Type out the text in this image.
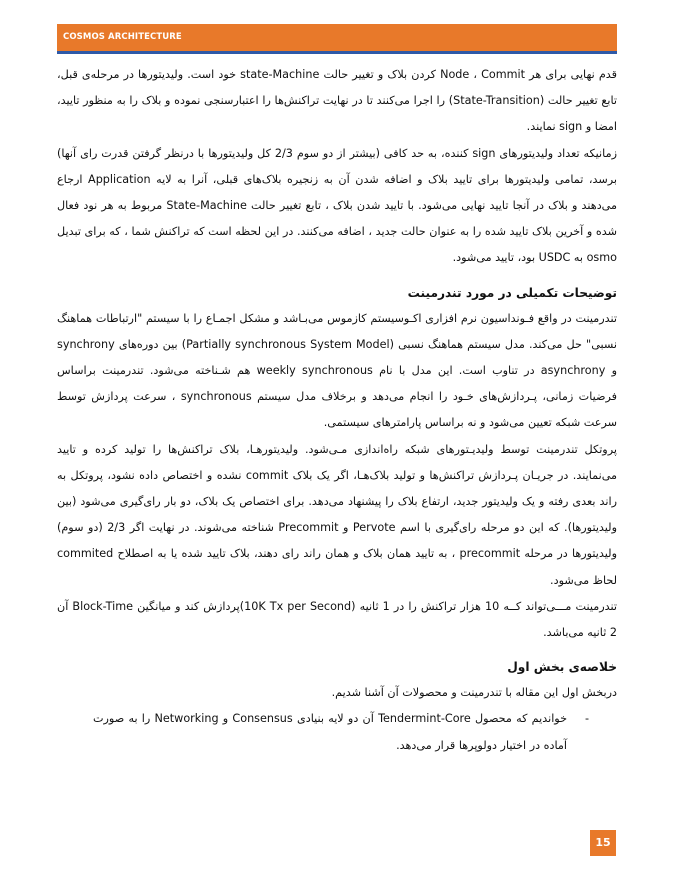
COSMOS ARCHITECTURE

قدم نهایی برای هر Node ، Commit کردن بلاک و تغییر حالت state-Machine خود است. ولیدیتورها در مرحله‌ی قبل، تابع تغییر حالت (State-Transition) را اجرا می‌کنند تا در نهایت تراکنش‌ها را اعتبارسنجی نموده و بلاک را به منظور تایید، امضا و sign نمایند.

زمانیکه تعداد ولیدیتورهای sign کننده، به حد کافی (بیشتر از دو سوم 2/3 کل ولیدیتورها با درنظر گرفتن قدرت رای آنها) برسد، تمامی ولیدیتورها برای تایید بلاک و اضافه شدن آن به زنجیره بلاک‌های قبلی، آنرا به لایه Application ارجاع می‌دهند و بلاک در آنجا تایید نهایی می‌شود. با تایید شدن بلاک ، تابع تغییر حالت State-Machine مربوط به هر نود فعال شده و آخرین بلاک تایید شده را به عنوان حالت جدید ، اضافه می‌کنند. در این لحظه است که تراکنش شما ، که برای تبدیل osmo به USDC بود، تایید می‌شود.

توضیحات تکمیلی در مورد تندرمینت

تندرمینت در واقع فـونداسیون نرم افزاری اکـوسیستم کازموس می‌بـاشد و مشکل اجمـاع را با سیستم "ارتباطات هماهنگ نسبی" حل می‌کند. مدل سیستم هماهنگ نسبی (Partially synchronous System Model) بین دوره‌های synchrony و asynchrony در تناوب است. این مدل با نام weekly synchronous هم شـناخته می‌شود. تندرمینت براساس فرضیات زمانی، پـردازش‌های خـود را انجام می‌دهد و برخلاف مدل سیستم synchronous ، سرعت پردازش توسط سرعت شبکه تعیین می‌شود و نه براساس پارامترهای سیستمی.

پروتکل تندرمینت توسط ولیدیـتورهای شبکه راه‌اندازی مـی‌شود. ولیدیتورهـا، بلاک تراکنش‌ها را تولید کرده و تایید می‌نمایند. در جریـان پـردازش تراکنش‌ها و تولید بلاک‌هـا، اگر یک بلاک commit نشده و اختصاص داده نشود، پروتکل به راند بعدی رفته و یک ولیدیتور جدید، ارتفاع بلاک را پیشنهاد می‌دهد. برای اختصاص یک بلاک، دو بار رای‌گیری می‌شود (بین ولیدیتورها). که این دو مرحله رای‌گیری با اسم Pervote و Precommit شناخته می‌شوند. در نهایت اگر 2/3 (دو سوم) ولیدیتورها در مرحله precommit ، به تایید همان بلاک و همان راند رای دهند، بلاک تایید شده یا به اصطلاح commited لحاظ می‌شود.

تندرمینت مـــی‌تواند کــه 10 هزار تراکنش را در 1 ثانیه (10K Tx per Second)پردازش کند و میانگین Block-Time آن 2 ثانیه می‌باشد.

خلاصه‌ی بخش اول

دربخش اول این مقاله با تندرمینت و محصولات آن آشنا شدیم.

-
خواندیم که محصول Tendermint-Core آن دو لایه بنیادی Consensus و Networking را به صورت آماده در اختیار دولوپرها قرار می‌دهد.
15
